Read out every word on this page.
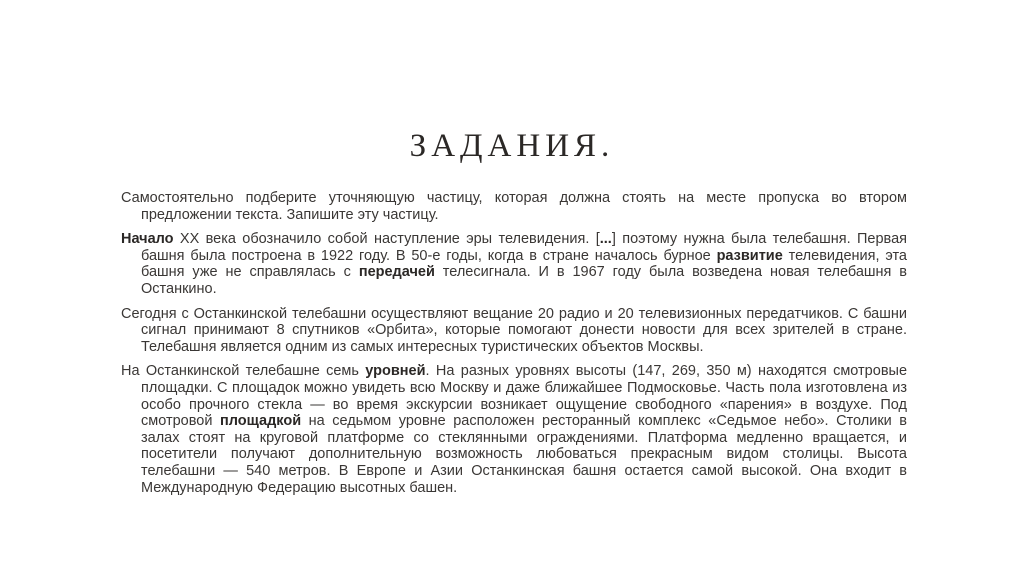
ЗАДАНИЯ.

Самостоятельно подберите уточняющую частицу, которая должна стоять на месте пропуска во втором предложении текста. Запишите эту частицу.

Начало XX века обозначило собой наступление эры телевидения. [...] поэтому нужна была телебашня. Первая башня была построена в 1922 году. В 50-е годы, когда в стране началось бурное развитие телевидения, эта башня уже не справлялась с передачей телесигнала. И в 1967 году была возведена новая телебашня в Останкино.

Сегодня с Останкинской телебашни осуществляют вещание 20 радио и 20 телевизионных передатчиков. С башни сигнал принимают 8 спутников «Орбита», которые помогают донести новости для всех зрителей в стране. Телебашня является одним из самых интересных туристических объектов Москвы.

На Останкинской телебашне семь уровней. На разных уровнях высоты (147, 269, 350 м) находятся смотровые площадки. С площадок можно увидеть всю Москву и даже ближайшее Подмосковье. Часть пола изготовлена из особо прочного стекла — во время экскурсии возникает ощущение свободного «парения» в воздухе. Под смотровой площадкой на седьмом уровне расположен ресторанный комплекс «Седьмое небо». Столики в залах стоят на круговой платформе со стеклянными ограждениями. Платформа медленно вращается, и посетители получают дополнительную возможность любоваться прекрасным видом столицы. Высота телебашни — 540 метров. В Европе и Азии Останкинская башня остается самой высокой. Она входит в Международную Федерацию высотных башен.
